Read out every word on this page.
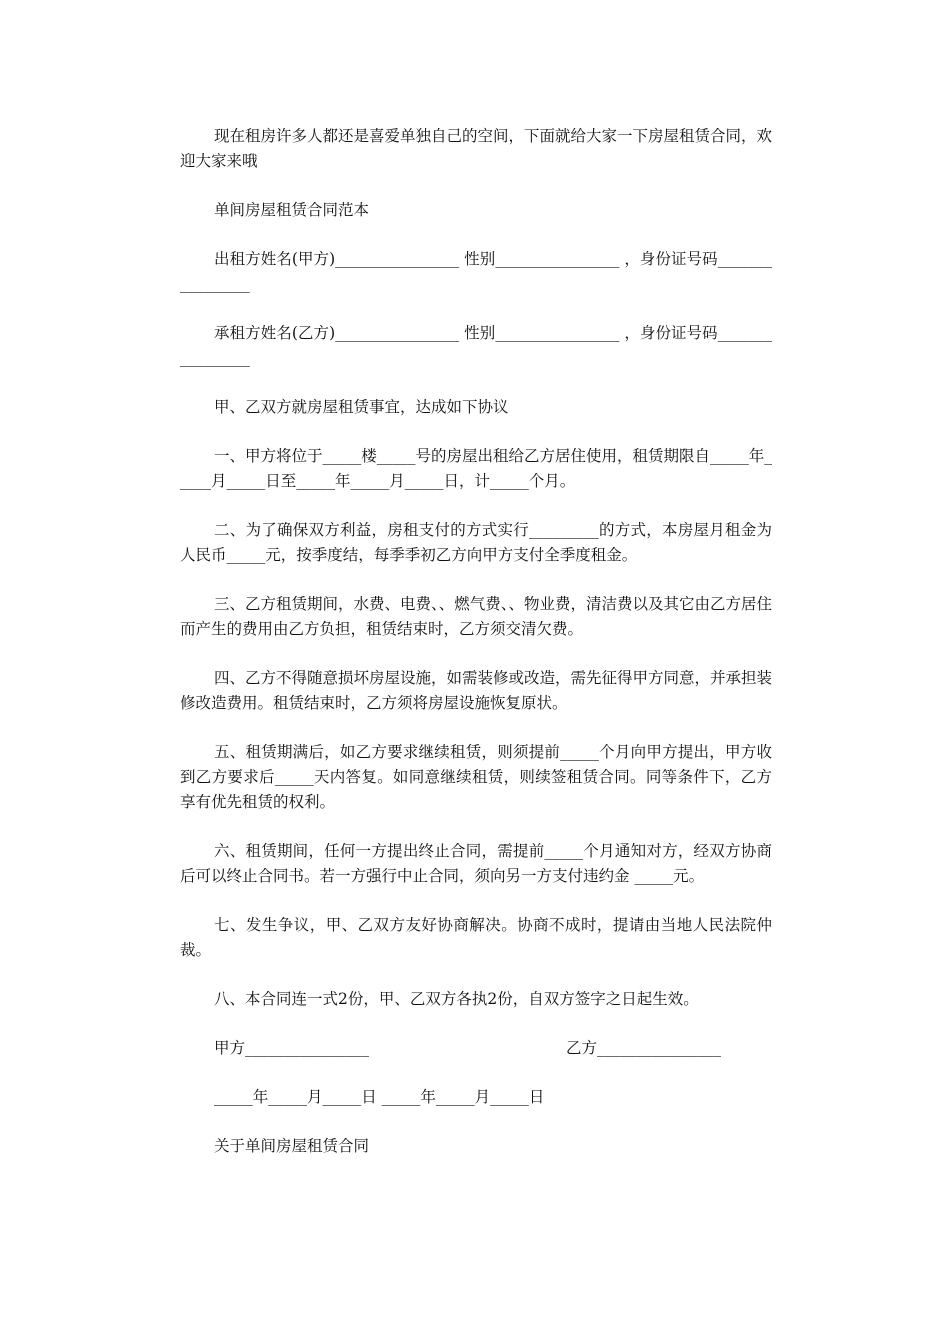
现在租房许多人都还是喜爱单独自己的空间，下面就给大家一下房屋租赁合同，欢迎大家来哦

单间房屋租赁合同范本

出租方姓名(甲方)________________ 性别________________ ，身份证号码________________

承租方姓名(乙方)________________ 性别________________ ，身份证号码________________

甲、乙双方就房屋租赁事宜，达成如下协议

一、甲方将位于_____楼_____号的房屋出租给乙方居住使用，租赁期限自_____年_____月_____日至_____年_____月_____日，计_____个月。

二、为了确保双方利益，房租支付的方式实行_________的方式，本房屋月租金为人民币_____元，按季度结，每季季初乙方向甲方支付全季度租金。

三、乙方租赁期间，水费、电费、、燃气费、、物业费，清洁费以及其它由乙方居住而产生的费用由乙方负担，租赁结束时，乙方须交清欠费。

四、乙方不得随意损坏房屋设施，如需装修或改造，需先征得甲方同意，并承担装修改造费用。租赁结束时，乙方须将房屋设施恢复原状。

五、租赁期满后，如乙方要求继续租赁，则须提前_____个月向甲方提出，甲方收到乙方要求后_____天内答复。如同意继续租赁，则续签租赁合同。同等条件下，乙方享有优先租赁的权利。

六、租赁期间，任何一方提出终止合同，需提前_____个月通知对方，经双方协商后可以终止合同书。若一方强行中止合同，须向另一方支付违约金 _____元。

七、发生争议，甲、乙双方友好协商解决。协商不成时，提请由当地人民法院仲裁。

八、本合同连一式2份，甲、乙双方各执2份，自双方签字之日起生效。

甲方________________

	乙方________________

_____年_____月_____日 _____年_____月_____日

关于单间房屋租赁合同
